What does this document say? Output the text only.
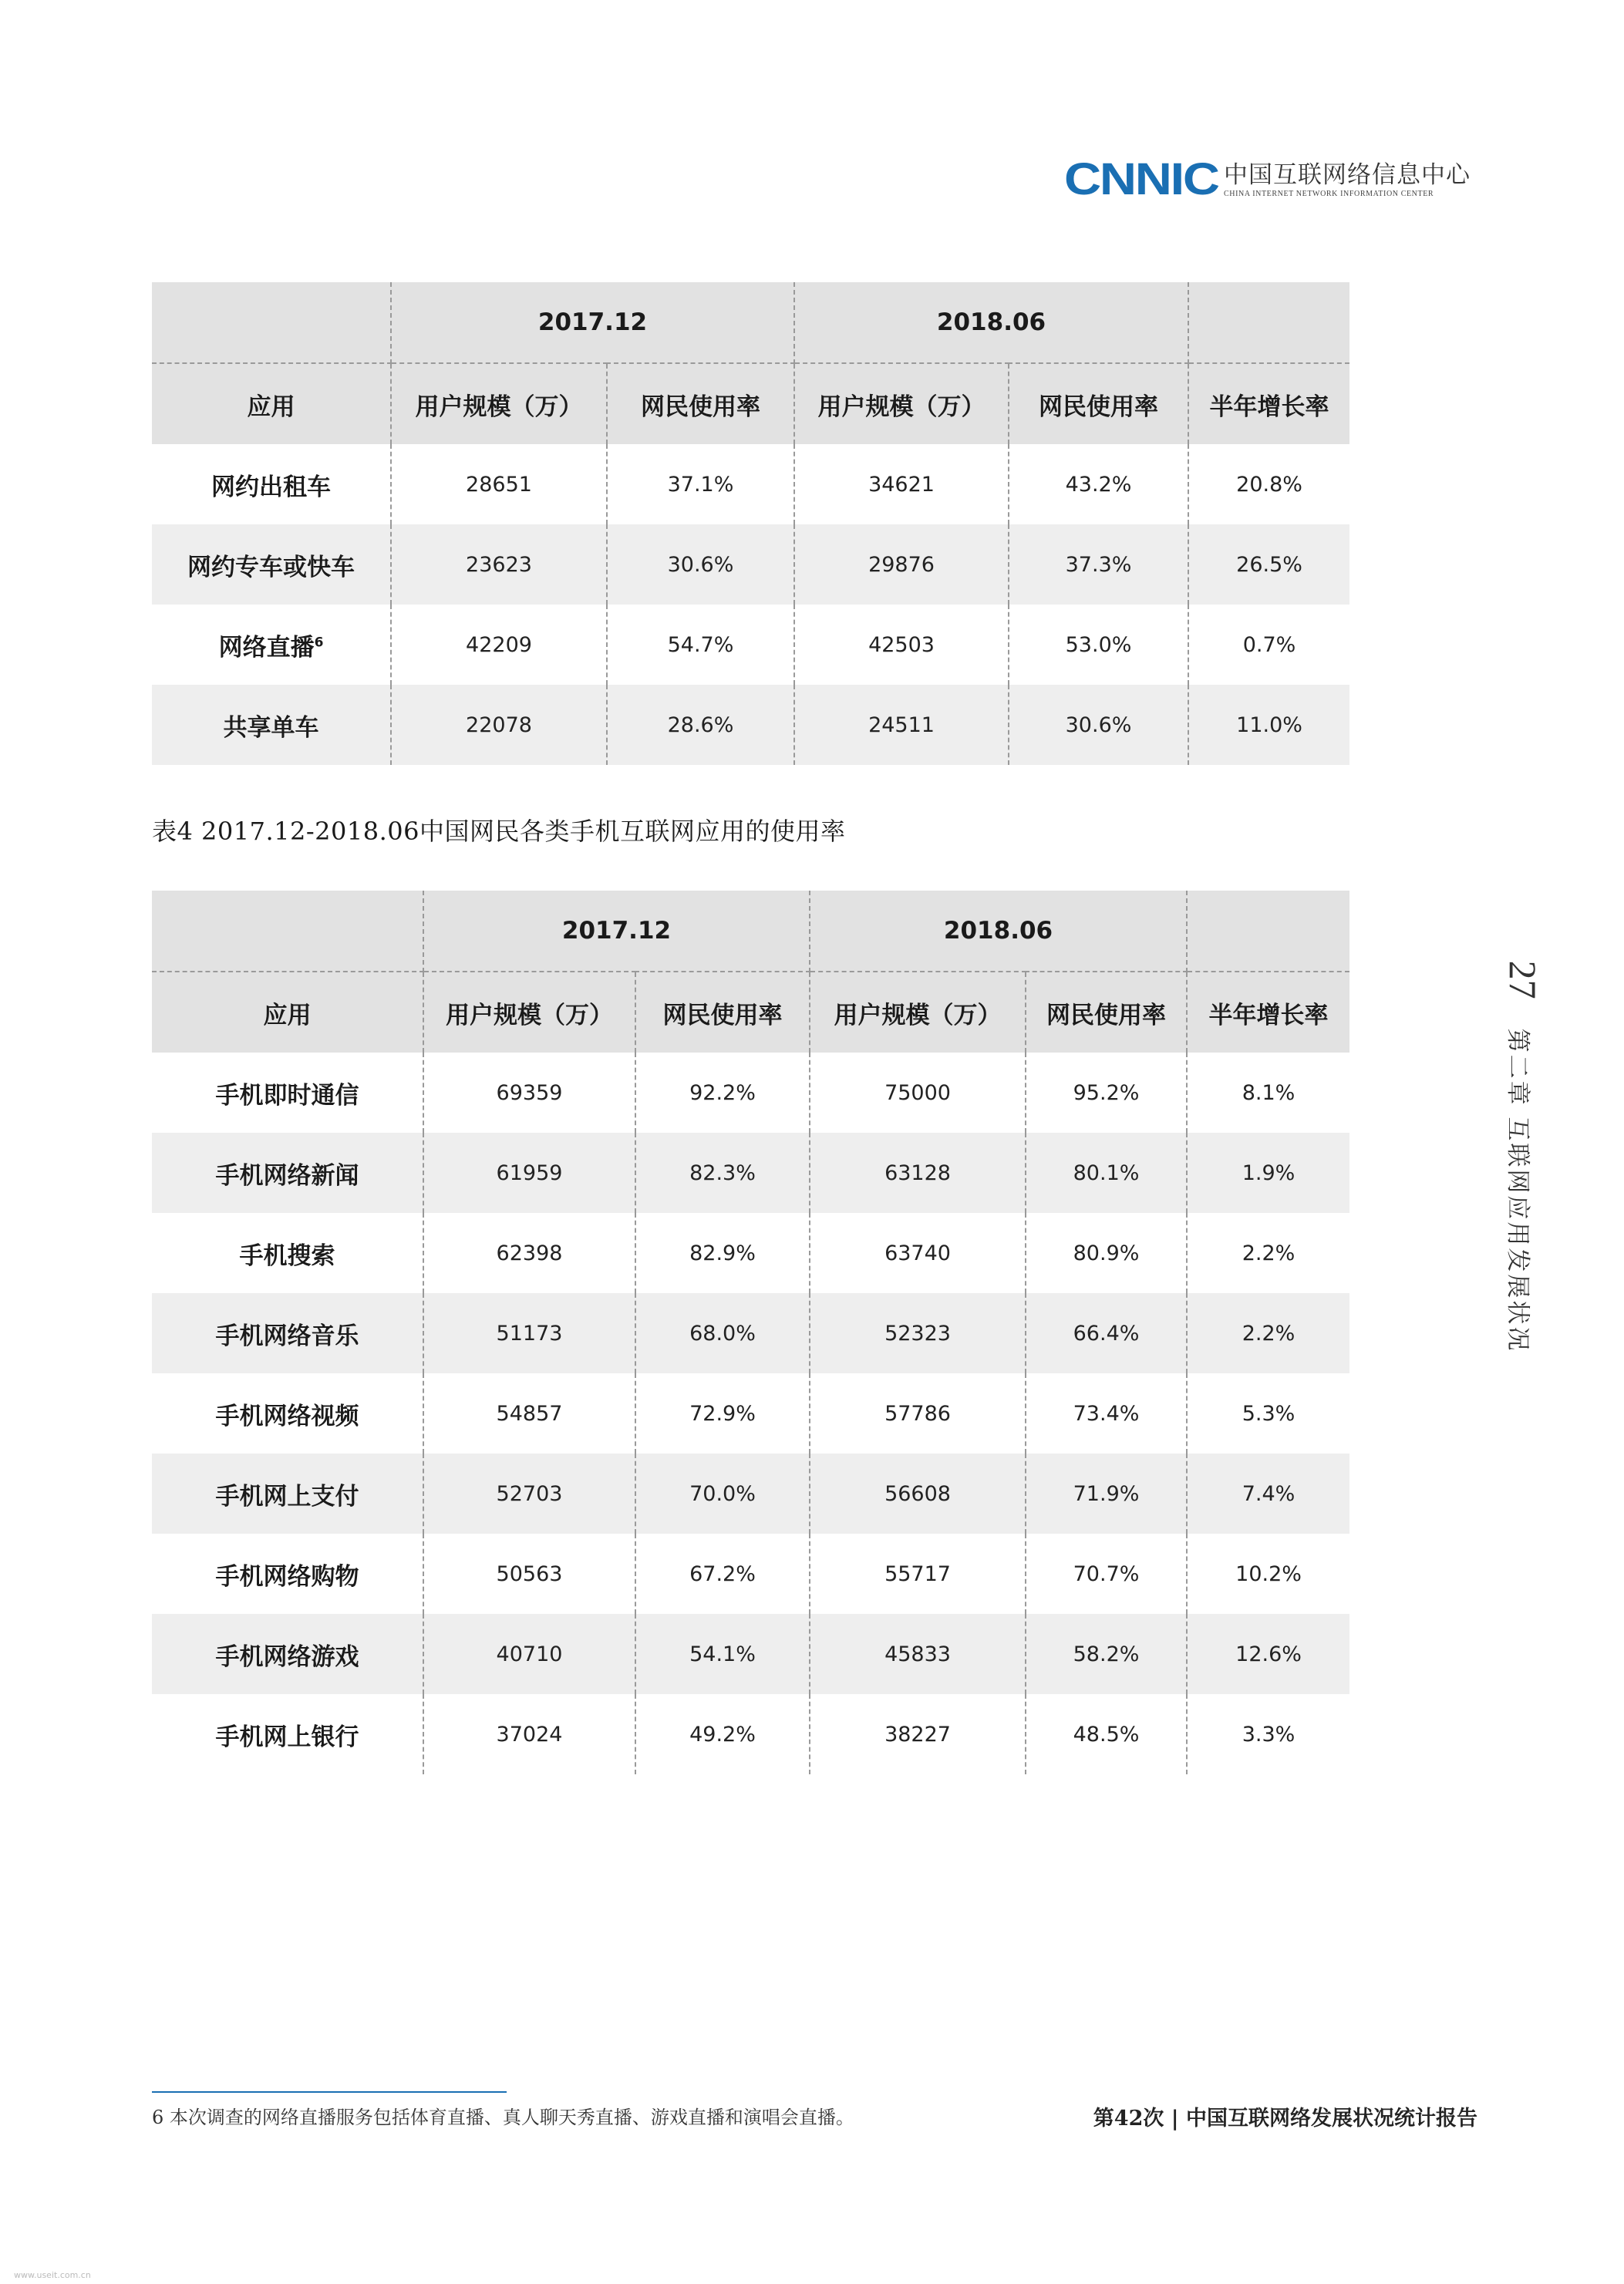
CNNIC 中国互联网络信息中心
CHINA INTERNET NETWORK INFORMATION CENTER
	2017.12		2018.06		
应用	用户规模（万）	网民使用率	用户规模（万）	网民使用率	半年增长率
网约出租车	28651	37.1%	34621	43.2%	20.8%
网约专车或快车	23623	30.6%	29876	37.3%	26.5%
网络直播$^6$	42209	54.7%	42503	53.0%	0.7%
共享单车	22078	28.6%	24511	30.6%	11.0%
表4 2017.12-2018.06中国网民各类手机互联网应用的使用率
	2017.12		2018.06		
应用	用户规模（万）	网民使用率	用户规模（万）	网民使用率	半年增长率
手机即时通信	69359	92.2%	75000	95.2%	8.1%
手机网络新闻	61959	82.3%	63128	80.1%	1.9%
手机搜索	62398	82.9%	63740	80.9%	2.2%
手机网络音乐	51173	68.0%	52323	66.4%	2.2%
手机网络视频	54857	72.9%	57786	73.4%	5.3%
手机网上支付	52703	70.0%	56608	71.9%	7.4%
手机网络购物	50563	67.2%	55717	70.7%	10.2%
手机网络游戏	40710	54.1%	45833	58.2%	12.6%
手机网上银行	37024	49.2%	38227	48.5%	3.3%
27第二章 互联网应用发展状况
6 本次调查的网络直播服务包括体育直播、真人聊天秀直播、游戏直播和演唱会直播。	第42次 | 中国互联网络发展状况统计报告
www.useit.com.cn
